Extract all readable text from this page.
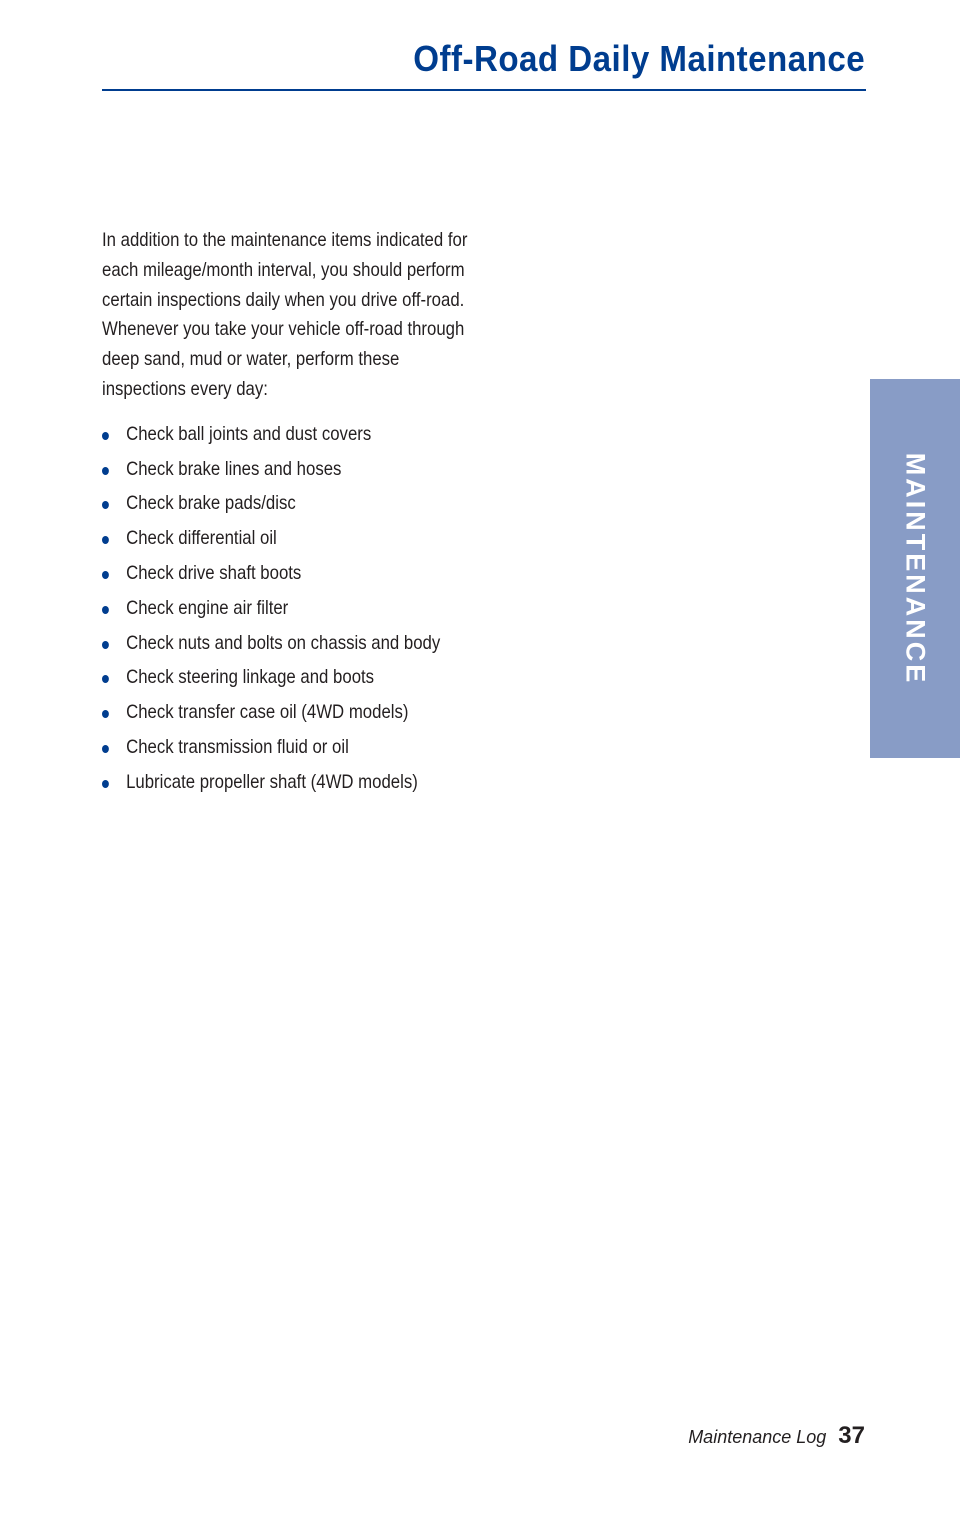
Off-Road Daily Maintenance

In addition to the maintenance items indicated for each mileage/month interval, you should perform certain inspections daily when you drive off-road. Whenever you take your vehicle off-road through deep sand, mud or water, perform these inspections every day:

Check ball joints and dust covers
Check brake lines and hoses
Check brake pads/disc
Check differential oil
Check drive shaft boots
Check engine air filter
Check nuts and bolts on chassis and body
Check steering linkage and boots
Check transfer case oil (4WD models)
Check transmission fluid or oil
Lubricate propeller shaft (4WD models)
MAINTENANCE
Maintenance Log 37
